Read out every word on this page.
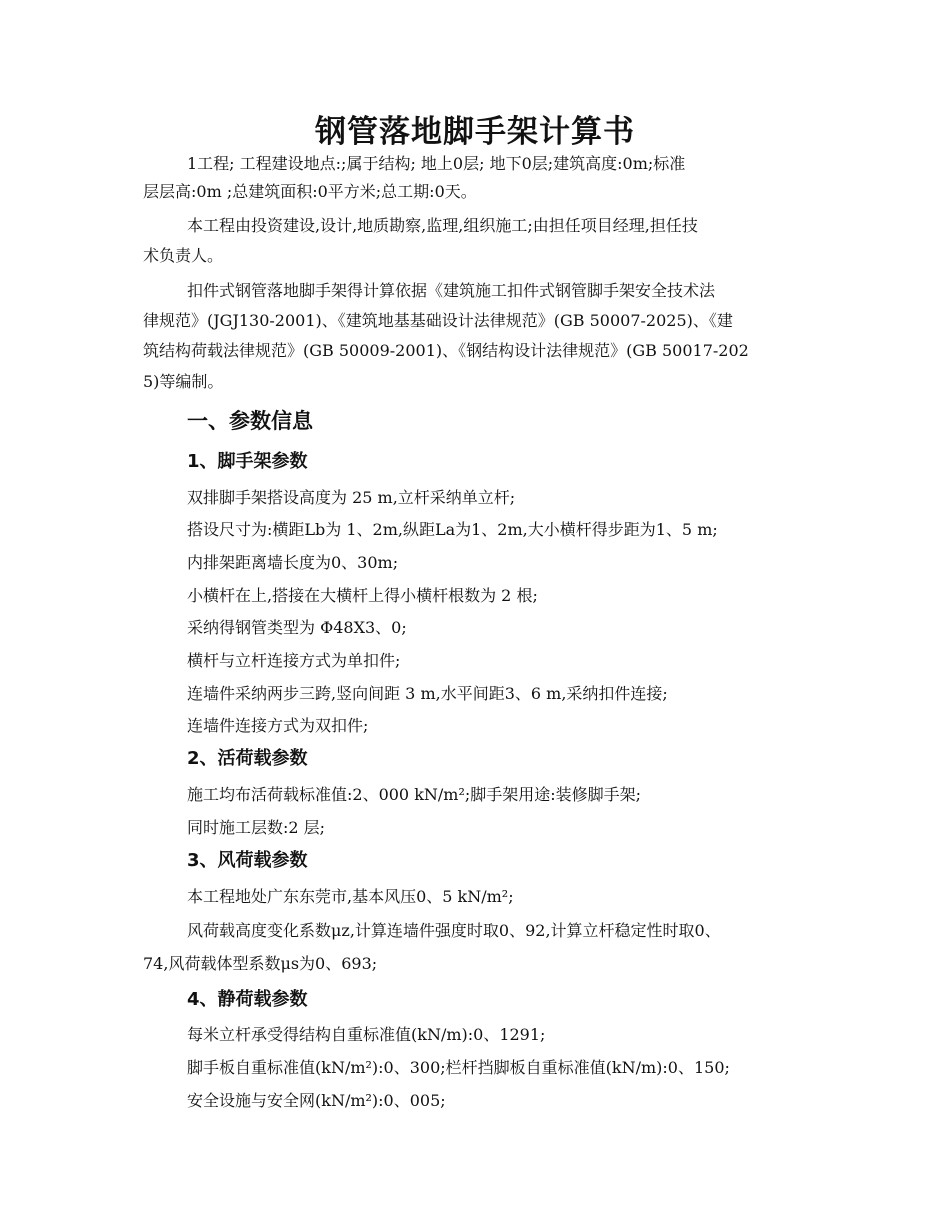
钢管落地脚手架计算书
1工程; 工程建设地点:;属于结构; 地上0层; 地下0层;建筑高度:0m;标准
层层高:0m ;总建筑面积:0平方米;总工期:0天。
本工程由投资建设,设计,地质勘察,监理,组织施工;由担任项目经理,担任技
术负责人。
扣件式钢管落地脚手架得计算依据《建筑施工扣件式钢管脚手架安全技术法
律规范》(JGJ130-2001)、《建筑地基基础设计法律规范》(GB 50007-2025)、《建
筑结构荷载法律规范》(GB 50009-2001)、《钢结构设计法律规范》(GB 50017-202
5)等编制。
一、参数信息
1、脚手架参数
双排脚手架搭设高度为 25 m,立杆采纳单立杆;
搭设尺寸为:横距Lb为 1、2m,纵距La为1、2m,大小横杆得步距为1、5 m;
内排架距离墙长度为0、30m;
小横杆在上,搭接在大横杆上得小横杆根数为 2 根;
采纳得钢管类型为 Φ48X3、0;
横杆与立杆连接方式为单扣件;
连墙件采纳两步三跨,竖向间距 3 m,水平间距3、6 m,采纳扣件连接;
连墙件连接方式为双扣件;
2、活荷载参数
施工均布活荷载标准值:2、000 kN/m²;脚手架用途:装修脚手架;
同时施工层数:2 层;
3、风荷载参数
本工程地处广东东莞市,基本风压0、5 kN/m²;
风荷载高度变化系数μz,计算连墙件强度时取0、92,计算立杆稳定性时取0、
74,风荷载体型系数μs为0、693;
4、静荷载参数
每米立杆承受得结构自重标准值(kN/m):0、1291;
脚手板自重标准值(kN/m²):0、300;栏杆挡脚板自重标准值(kN/m):0、150;
安全设施与安全网(kN/m²):0、005;
